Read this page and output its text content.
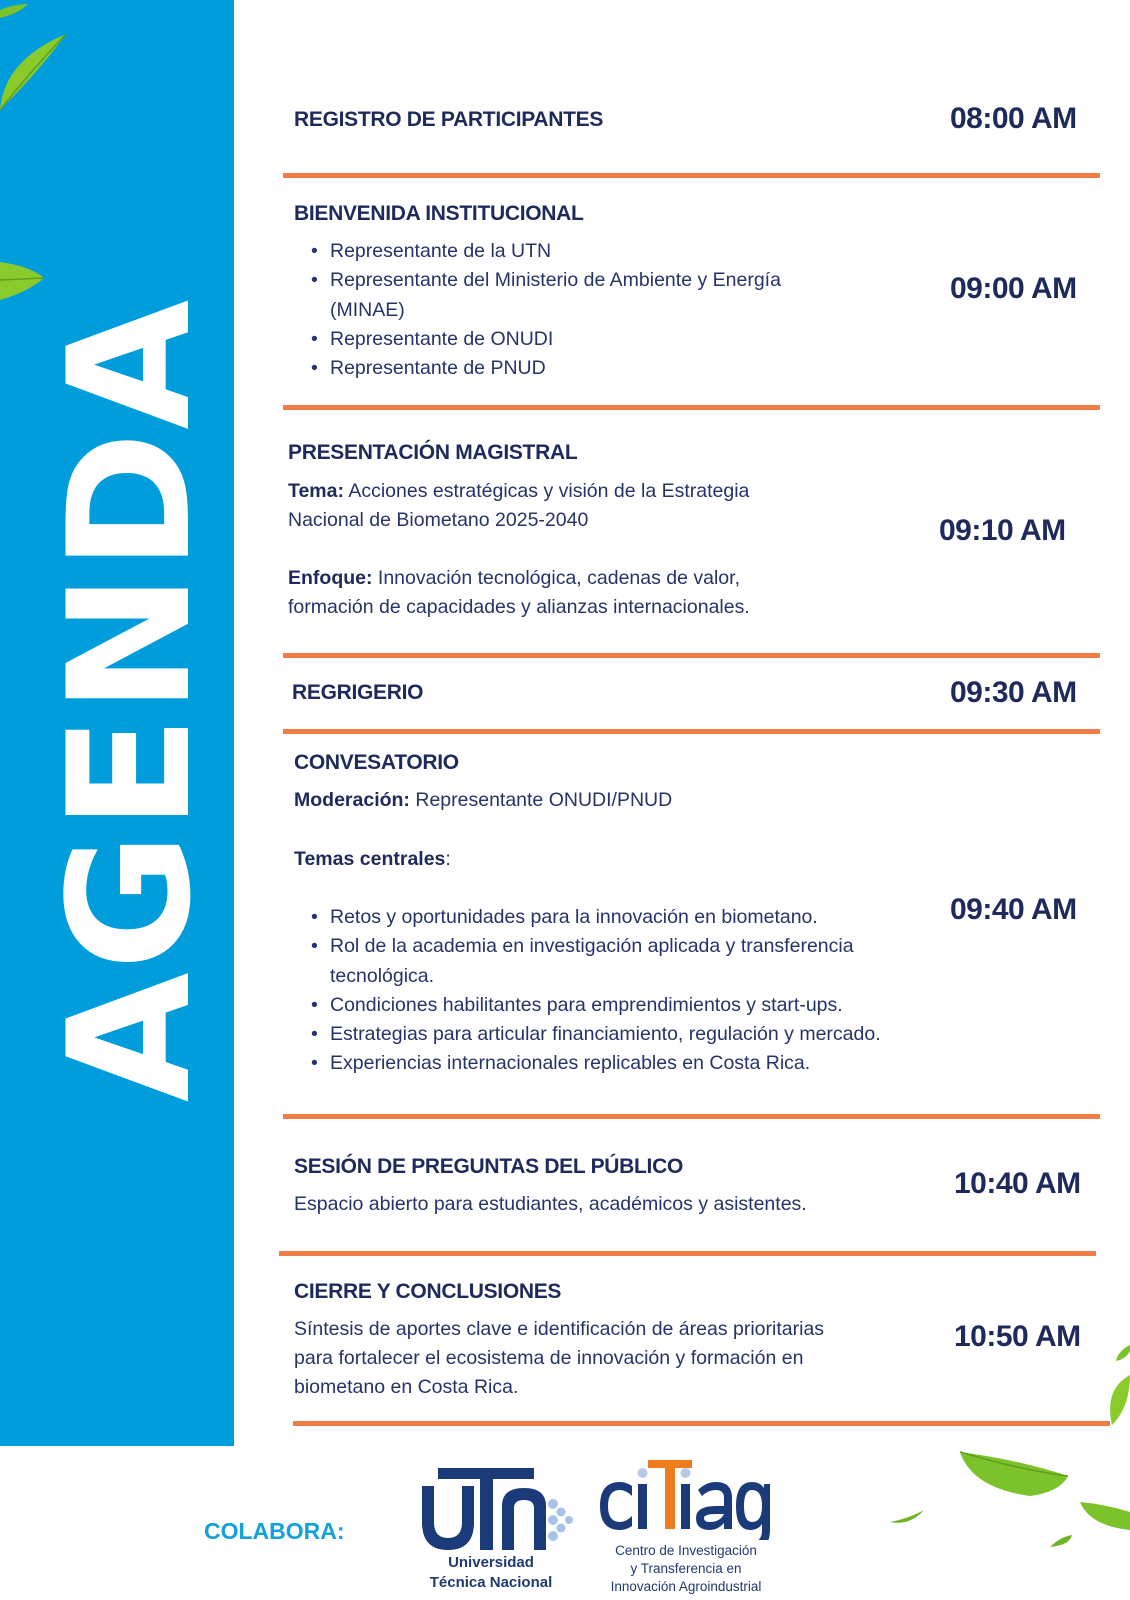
AGENDA
REGISTRO DE PARTICIPANTES	08:00 AM
BIENVENIDA INSTITUCIONAL
• Representante de la UTN
• Representante del Ministerio de Ambiente y Energía (MINAE)
• Representante de ONUDI
• Representante de PNUD
09:00 AM
PRESENTACIÓN MAGISTRAL
Tema: Acciones estratégicas y visión de la Estrategia Nacional de Biometano 2025-2040
Enfoque: Innovación tecnológica, cadenas de valor, formación de capacidades y alianzas internacionales.
09:10 AM
REGRIGERIO	09:30 AM
CONVESATORIO
Moderación: Representante ONUDI/PNUD
Temas centrales:
• Retos y oportunidades para la innovación en biometano.
• Rol de la academia en investigación aplicada y transferencia tecnológica.
• Condiciones habilitantes para emprendimientos y start-ups.
• Estrategias para articular financiamiento, regulación y mercado.
• Experiencias internacionales replicables en Costa Rica.
09:40 AM
SESIÓN DE PREGUNTAS DEL PÚBLICO
Espacio abierto para estudiantes, académicos y asistentes.
10:40 AM
CIERRE Y CONCLUSIONES
Síntesis de aportes clave e identificación de áreas prioritarias para fortalecer el ecosistema de innovación y formación en biometano en Costa Rica.
10:50 AM
COLABORA:
Universidad
Técnica Nacional
Centro de Investigación
y Transferencia en
Innovación Agroindustrial
